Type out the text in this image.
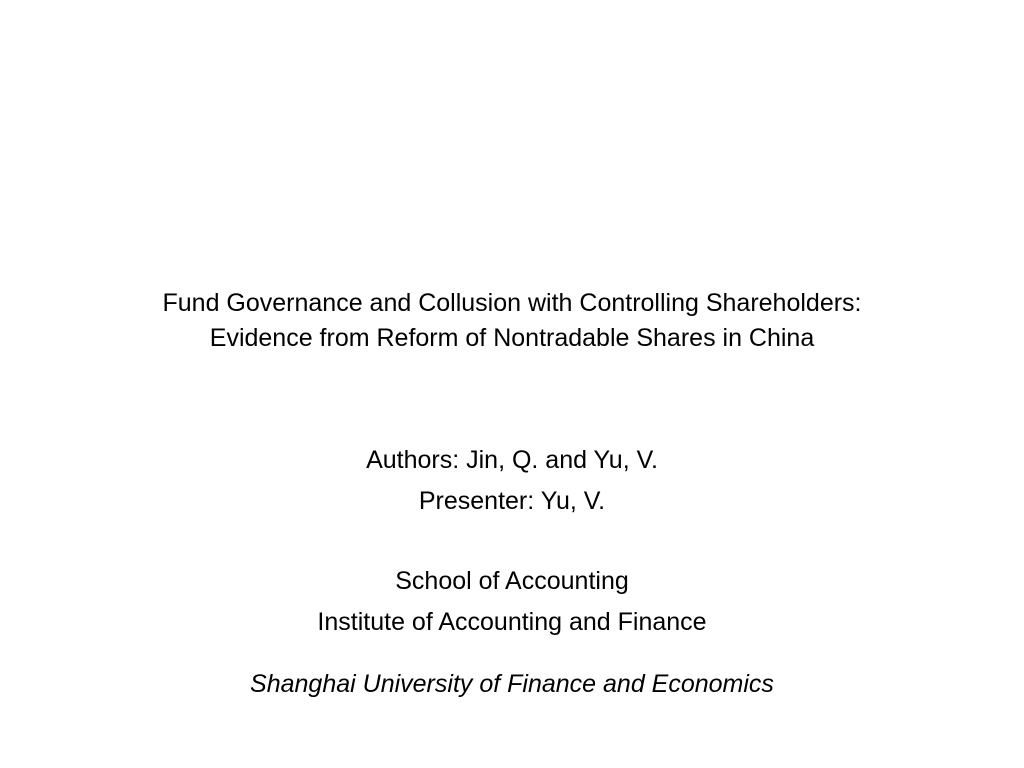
Fund Governance and Collusion with Controlling Shareholders:
Evidence from Reform of Nontradable Shares in China
Authors: Jin, Q. and Yu, V.
Presenter: Yu, V.
School of Accounting
Institute of Accounting and Finance
Shanghai University of Finance and Economics
